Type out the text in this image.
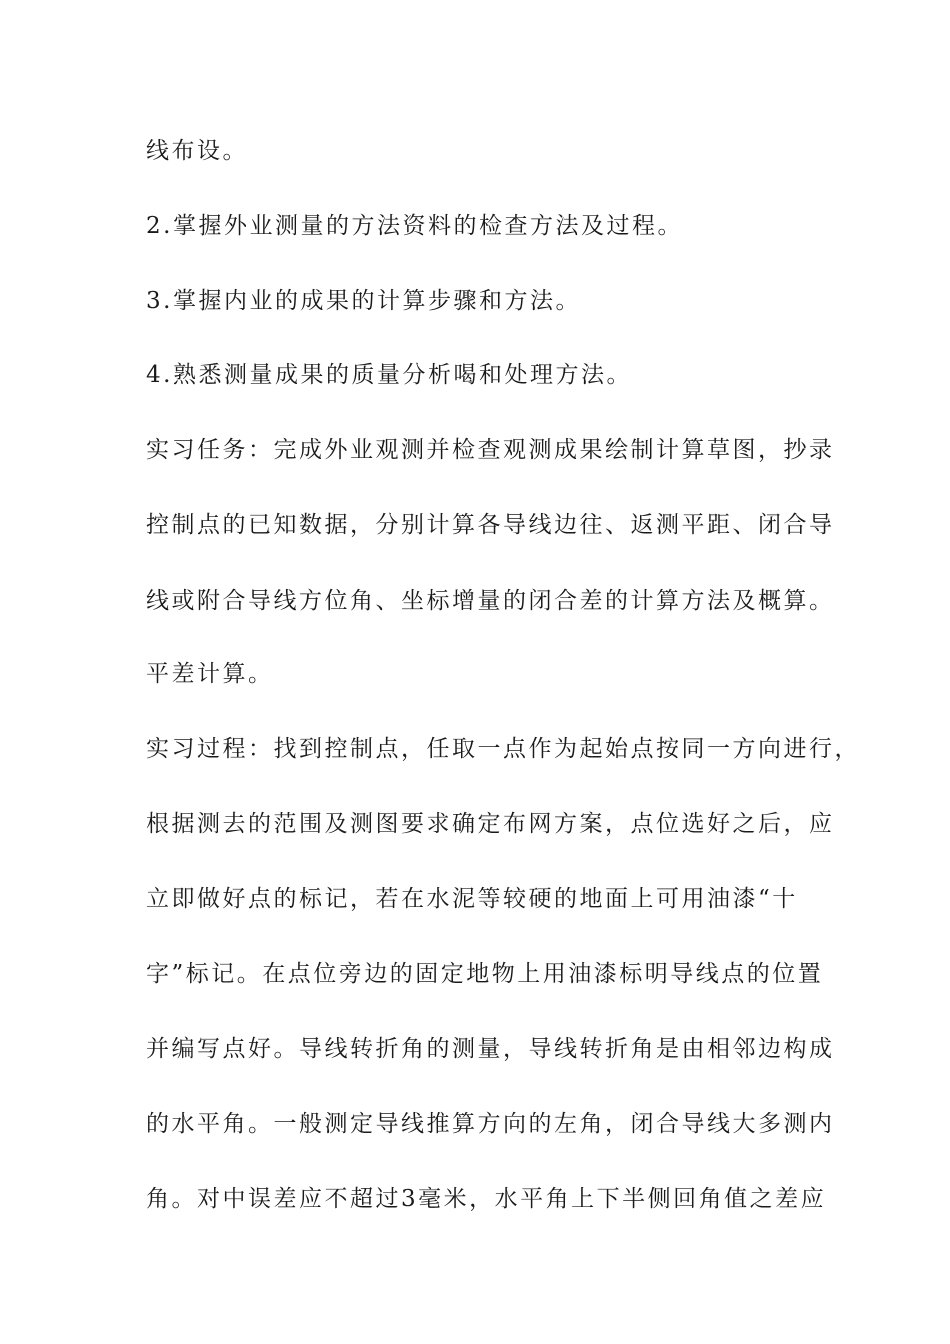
线布设。
2.掌握外业测量的方法资料的检查方法及过程。
3.掌握内业的成果的计算步骤和方法。
4.熟悉测量成果的质量分析喝和处理方法。
实习任务：完成外业观测并检查观测成果绘制计算草图，抄录
控制点的已知数据，分别计算各导线边往、返测平距、闭合导
线或附合导线方位角、坐标增量的闭合差的计算方法及概算。
平差计算。
实习过程：找到控制点，任取一点作为起始点按同一方向进行，
根据测去的范围及测图要求确定布网方案，点位选好之后，应
立即做好点的标记，若在水泥等较硬的地面上可用油漆“十
字”标记。在点位旁边的固定地物上用油漆标明导线点的位置
并编写点好。导线转折角的测量，导线转折角是由相邻边构成
的水平角。一般测定导线推算方向的左角，闭合导线大多测内
角。对中误差应不超过3毫米，水平角上下半侧回角值之差应
